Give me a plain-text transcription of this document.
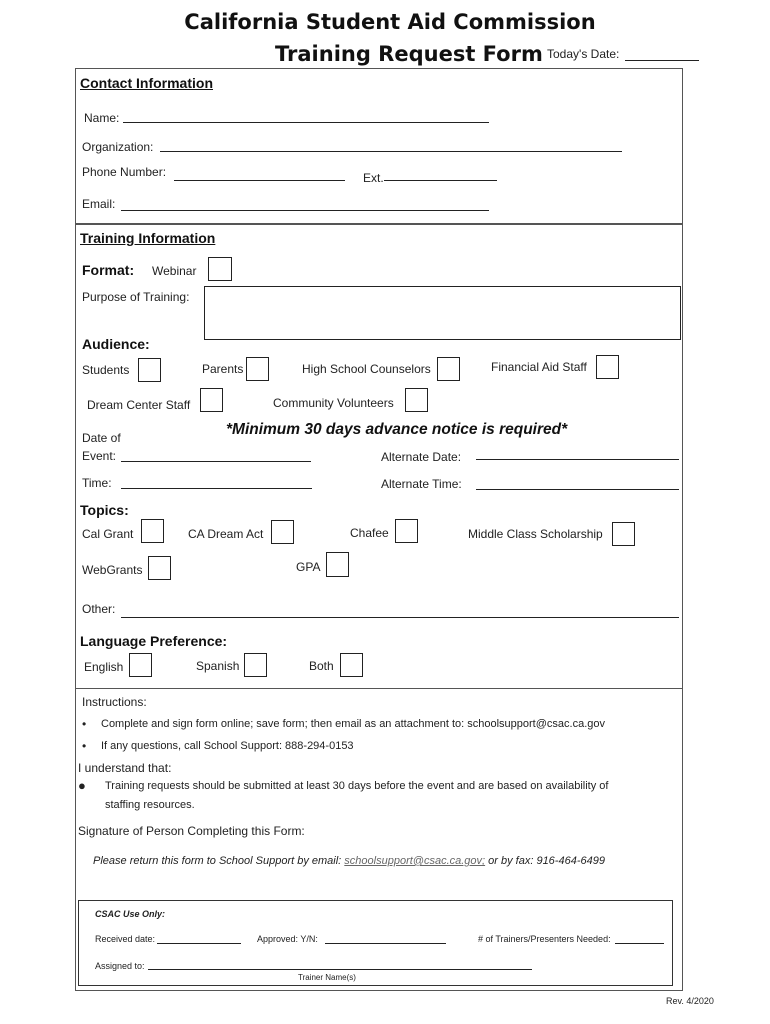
California Student Aid Commission
Training Request Form Today's Date:
Contact Information
Name:
Organization:
Phone Number:	Ext.
Email:
Training Information
Format: Webinar
Purpose of Training:
Audience:
Students	Parents	High School Counselors	Financial Aid Staff
Dream Center Staff	Community Volunteers
*Minimum 30 days advance notice is required*
Date of
Event:	Alternate Date:
Time:	Alternate Time:
Topics:
Cal Grant	CA Dream Act	Chafee	Middle Class Scholarship
WebGrants	GPA
Other:
Language Preference:
English	Spanish	Both
Instructions:
• Complete and sign form online; save form; then email as an attachment to: schoolsupport@csac.ca.gov
• If any questions, call School Support: 888-294-0153
I understand that:
● Training requests should be submitted at least 30 days before the event and are based on availability of
staffing resources.
Signature of Person Completing this Form:
Please return this form to School Support by email: schoolsupport@csac.ca.gov; or by fax: 916-464-6499
CSAC Use Only:
Received date:	Approved: Y/N:	# of Trainers/Presenters Needed:
Assigned to:
Trainer Name(s)
Rev. 4/2020
